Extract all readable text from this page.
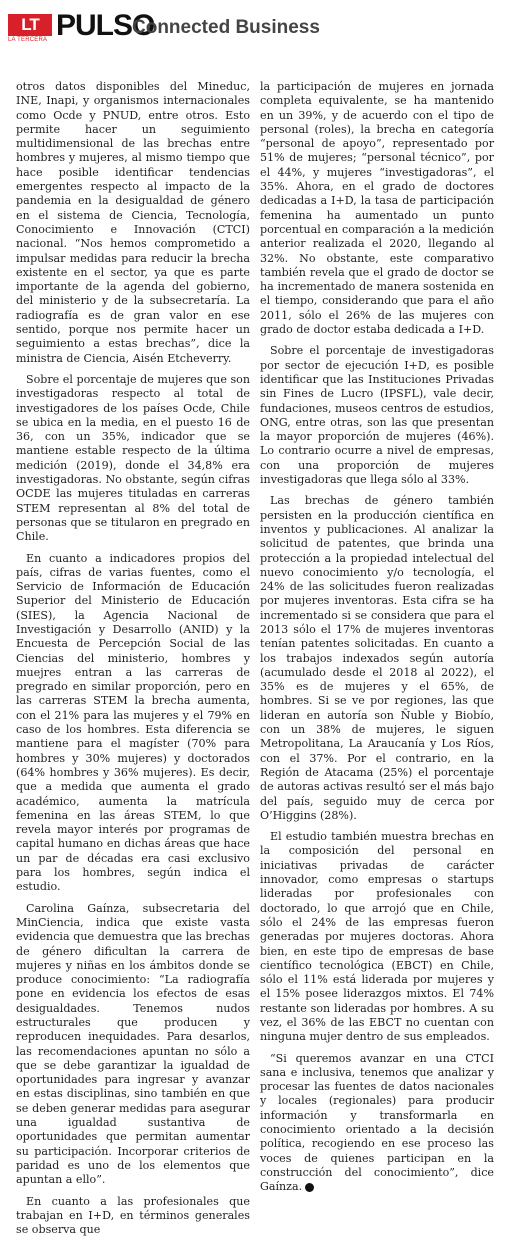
LT
LA TERCERA PULSO
Connected Business

otros datos disponibles del Mineduc, INE, Inapi, y organismos internacionales como Ocde y PNUD, entre otros. Esto permite hacer un seguimiento multidimensional de las brechas entre hombres y mujeres, al mismo tiempo que hace posible identificar tendencias emergentes respecto al impacto de la pandemia en la desigualdad de género en el sistema de Ciencia, Tecnología, Conocimiento e Innovación (CTCI) nacional. “Nos hemos comprometido a impulsar medidas para reducir la brecha existente en el sector, ya que es parte importante de la agenda del gobierno, del ministerio y de la subsecretaría. La radiografía es de gran valor en ese sentido, porque nos permite hacer un seguimiento a estas brechas”, dice la ministra de Ciencia, Aisén Etcheverry.

Sobre el porcentaje de mujeres que son investigadoras respecto al total de investigadores de los países Ocde, Chile se ubica en la media, en el puesto 16 de 36, con un 35%, indicador que se mantiene estable respecto de la última medición (2019), donde el 34,8% era investigadoras. No obstante, según cifras OCDE las mujeres tituladas en carreras STEM representan al 8% del total de personas que se titularon en pregrado en Chile.

En cuanto a indicadores propios del país, cifras de varias fuentes, como el Servicio de Información de Educación Superior del Ministerio de Educación (SIES), la Agencia Nacional de Investigación y Desarrollo (ANID) y la Encuesta de Percepción Social de las Ciencias del ministerio, hombres y muejres entran a las carreras de pregrado en similar proporción, pero en las carreras STEM la brecha aumenta, con el 21% para las mujeres y el 79% en caso de los hombres. Esta diferencia se mantiene para el magíster (70% para hombres y 30% mujeres) y doctorados (64% hombres y 36% mujeres). Es decir, que a medida que aumenta el grado académico, aumenta la matrícula femenina en las áreas STEM, lo que revela mayor interés por programas de capital humano en dichas áreas que hace un par de décadas era casi exclusivo para los hombres, según indica el estudio.

Carolina Gaínza, subsecretaria del MinCiencia, indica que existe vasta evidencia que demuestra que las brechas de género dificultan la carrera de mujeres y niñas en los ámbitos donde se produce conocimiento: “La radiografía pone en evidencia los efectos de esas desigualdades. Tenemos nudos estructurales que producen y reproducen inequidades. Para desarlos, las recomendaciones apuntan no sólo a que se debe garantizar la igualdad de oportunidades para ingresar y avanzar en estas disciplinas, sino también en que se deben generar medidas para asegurar una igualdad sustantiva de oportunidades que permitan aumentar su participación. Incorporar criterios de paridad es uno de los elementos que apuntan a ello”.

En cuanto a las profesionales que trabajan en I+D, en términos generales se observa que

la participación de mujeres en jornada completa equivalente, se ha mantenido en un 39%, y de acuerdo con el tipo de personal (roles), la brecha en categoría “personal de apoyo”, representado por 51% de mujeres; “personal técnico”, por el 44%, y mujeres “investigadoras”, el 35%. Ahora, en el grado de doctores dedicadas a I+D, la tasa de participación femenina ha aumentado un punto porcentual en comparación a la medición anterior realizada el 2020, llegando al 32%. No obstante, este comparativo también revela que el grado de doctor se ha incrementado de manera sostenida en el tiempo, considerando que para el año 2011, sólo el 26% de las mujeres con grado de doctor estaba dedicada a I+D.

Sobre el porcentaje de investigadoras por sector de ejecución I+D, es posible identificar que las Instituciones Privadas sin Fines de Lucro (IPSFL), vale decir, fundaciones, museos centros de estudios, ONG, entre otras, son las que presentan la mayor proporción de mujeres (46%). Lo contrario ocurre a nivel de empresas, con una proporción de mujeres investigadoras que llega sólo al 33%.

Las brechas de género también persisten en la producción científica en inventos y publicaciones. Al analizar la solicitud de patentes, que brinda una protección a la propiedad intelectual del nuevo conocimiento y/o tecnología, el 24% de las solicitudes fueron realizadas por mujeres inventoras. Esta cifra se ha incrementado si se considera que para el 2013 sólo el 17% de mujeres inventoras tenían patentes solicitadas. En cuanto a los trabajos indexados según autoría (acumulado desde el 2018 al 2022), el 35% es de mujeres y el 65%, de hombres. Si se ve por regiones, las que lideran en autoría son Ñuble y Biobío, con un 38% de mujeres, le siguen Metropolitana, La Araucanía y Los Ríos, con el 37%. Por el contrario, en la Región de Atacama (25%) el porcentaje de autoras activas resultó ser el más bajo del país, seguido muy de cerca por O’Higgins (28%).

El estudio también muestra brechas en la composición del personal en iniciativas privadas de carácter innovador, como empresas o startups lideradas por profesionales con doctorado, lo que arrojó que en Chile, sólo el 24% de las empresas fueron generadas por mujeres doctoras. Ahora bien, en este tipo de empresas de base científico tecnológica (EBCT) en Chile, sólo el 11% está liderada por mujeres y el 15% posee liderazgos mixtos. El 74% restante son lideradas por hombres. A su vez, el 36% de las EBCT no cuentan con ninguna mujer dentro de sus empleados.

“Si queremos avanzar en una CTCI sana e inclusiva, tenemos que analizar y procesar las fuentes de datos nacionales y locales (regionales) para producir información y transformarla en conocimiento orientado a la decisión política, recogiendo en ese proceso las voces de quienes participan en la construcción del conocimiento”, dice Gaínza. P
